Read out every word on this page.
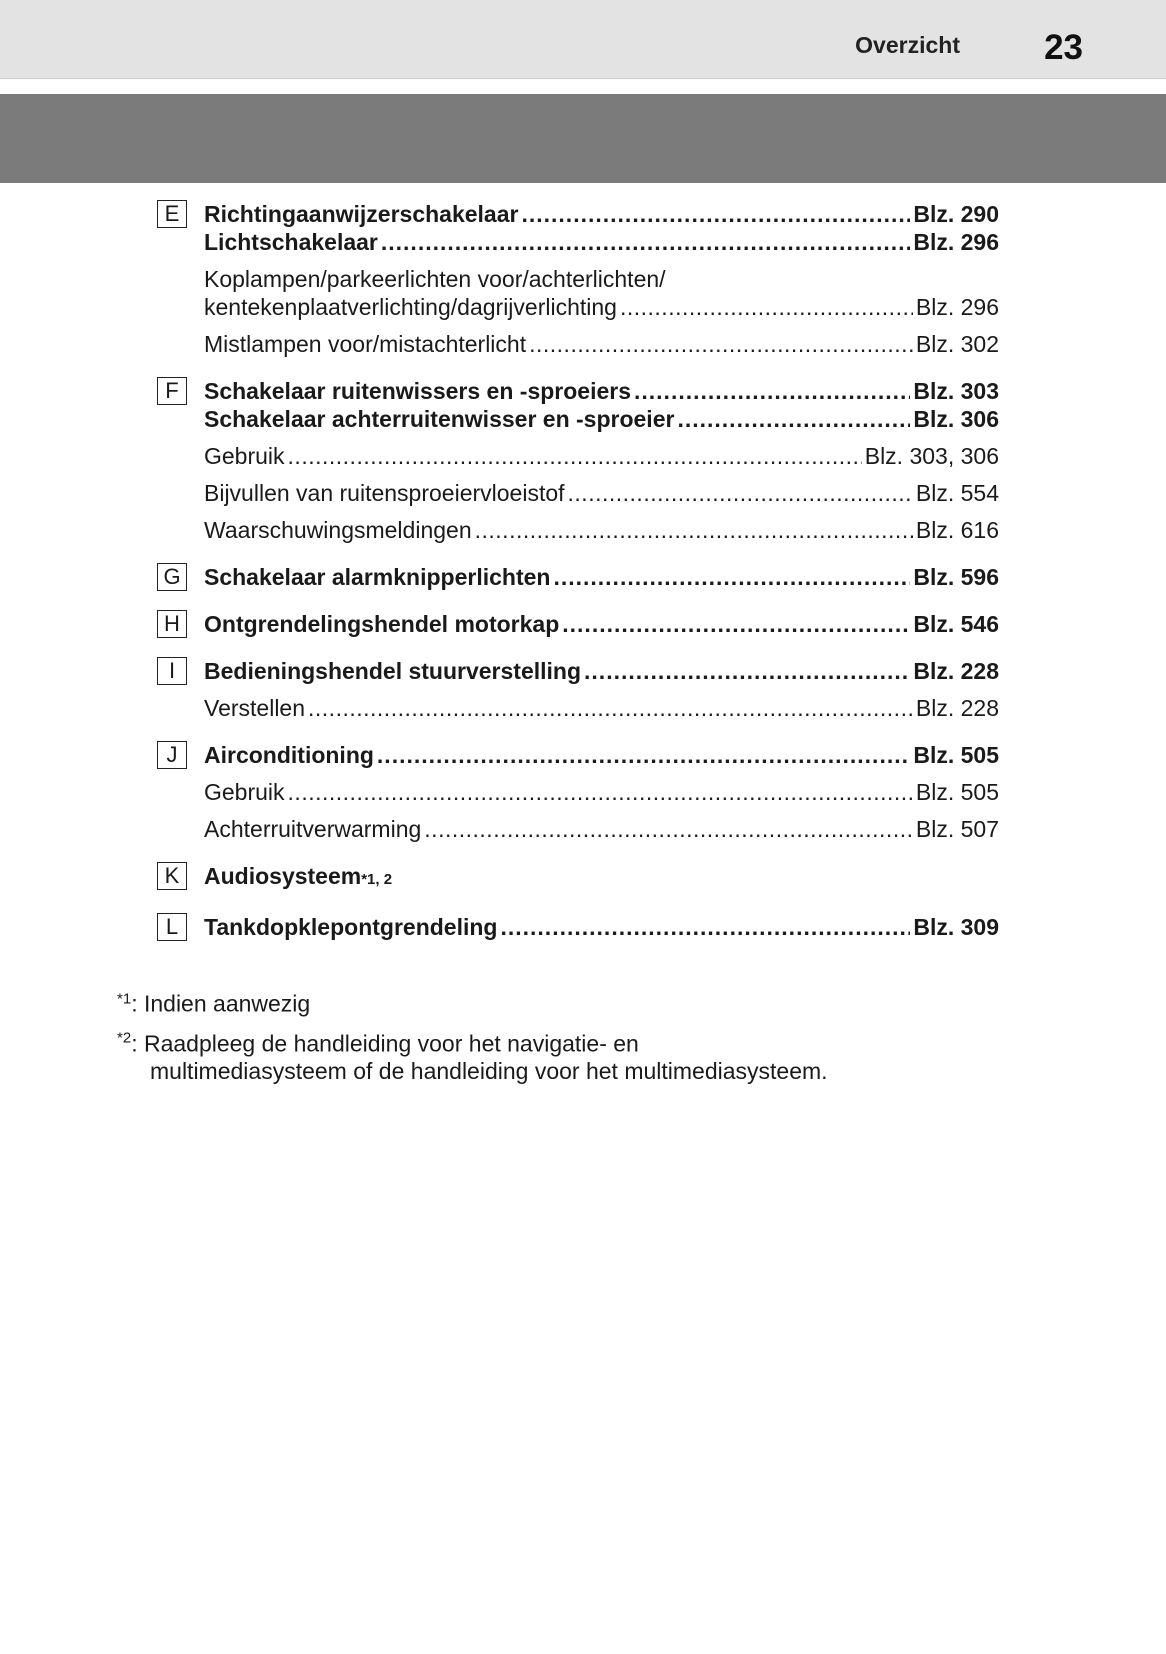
Overzicht 23
E	Richtingaanwijzerschakelaar .....	Blz. 290
Lichtschakelaar .....	Blz. 296
Koplampen/parkeerlichten voor/achterlichten/
kentekenplaatverlichting/dagrijverlichting .....	Blz. 296
Mistlampen voor/mistachterlicht .....	Blz. 302
F	Schakelaar ruitenwissers en -sproeiers .....	Blz. 303
Schakelaar achterruitenwisser en -sproeier .....	Blz. 306
Gebruik .....	Blz. 303, 306
Bijvullen van ruitensproeiervloeistof .....	Blz. 554
Waarschuwingsmeldingen .....	Blz. 616
G Schakelaar alarmknipperlichten .....	Blz. 596
H	Ontgrendelingshendel motorkap .....	Blz. 546
I	Bedieningshendel stuurverstelling .....	Blz. 228
Verstellen .....	Blz. 228
J	Airconditioning .....	Blz. 505
Gebruik .....	Blz. 505
Achterruitverwarming .....	Blz. 507
K	Audiosysteem *1, 2
L	Tankdopklepontgrendeling .....	Blz. 309
$^{*1}$: Indien aanwezig
$^{*2}$: Raadpleeg de handleiding voor het navigatie- en
multimediasysteem of de handleiding voor het multimediasysteem.
